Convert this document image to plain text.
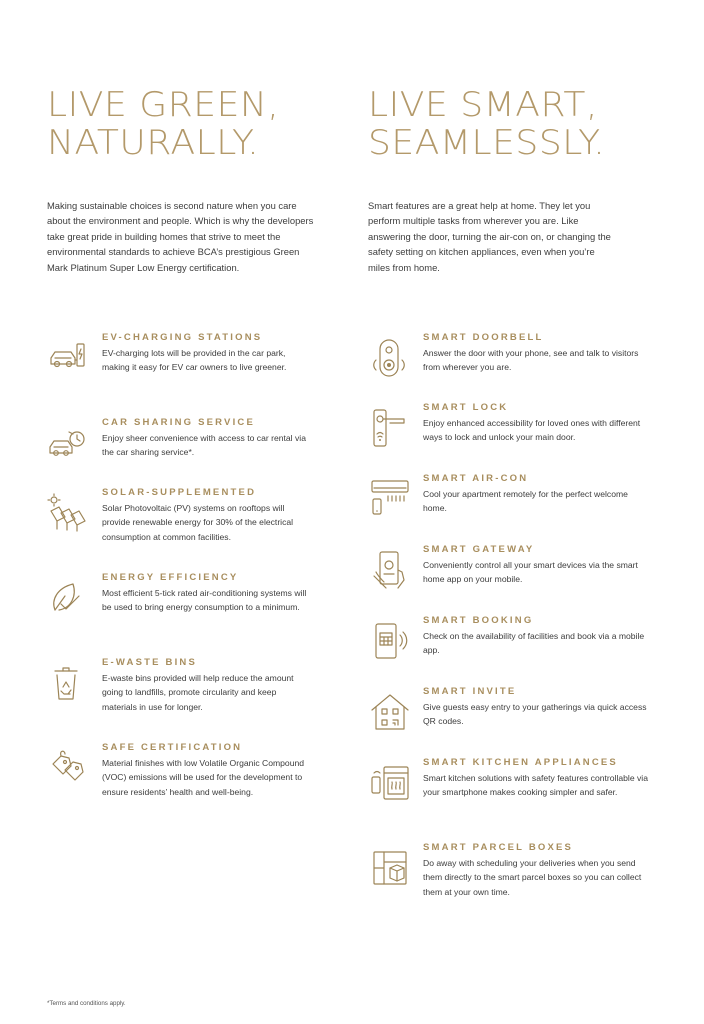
LIVE GREEN,
NATURALLY.

Making sustainable choices is second nature when you care about the environment and people. Which is why the developers take great pride in building homes that strive to meet the environmental standards to achieve BCA’s prestigious Green Mark Platinum Super Low Energy certification.

EV-CHARGING STATIONS

EV-charging lots will be provided in the car park, making it easy for EV car owners to live greener.

CAR SHARING SERVICE

Enjoy sheer convenience with access to car rental via the car sharing service*.

SOLAR-SUPPLEMENTED

Solar Photovoltaic (PV) systems on rooftops will provide renewable energy for 30% of the electrical consumption at common facilities.

ENERGY EFFICIENCY

Most efficient 5-tick rated air-conditioning systems will be used to bring energy consumption to a minimum.

E-WASTE BINS

E-waste bins provided will help reduce the amount going to landfills, promote circularity and keep materials in use for longer.

SAFE CERTIFICATION

Material finishes with low Volatile Organic Compound (VOC) emissions will be used for the development to ensure residents’ health and well-being.

LIVE SMART,
SEAMLESSLY.

Smart features are a great help at home. They let you perform multiple tasks from wherever you are. Like answering the door, turning the air-con on, or changing the safety setting on kitchen appliances, even when you’re miles from home.

SMART DOORBELL

Answer the door with your phone, see and talk to visitors from wherever you are.

SMART LOCK

Enjoy enhanced accessibility for loved ones with different ways to lock and unlock your main door.

SMART AIR-CON

Cool your apartment remotely for the perfect welcome home.

SMART GATEWAY

Conveniently control all your smart devices via the smart home app on your mobile.

SMART BOOKING

Check on the availability of facilities and book via a mobile app.

SMART INVITE

Give guests easy entry to your gatherings via quick access QR codes.

SMART KITCHEN APPLIANCES

Smart kitchen solutions with safety features controllable via your smartphone makes cooking simpler and safer.

SMART PARCEL BOXES

Do away with scheduling your deliveries when you send them directly to the smart parcel boxes so you can collect them at your own time.

*Terms and conditions apply.
